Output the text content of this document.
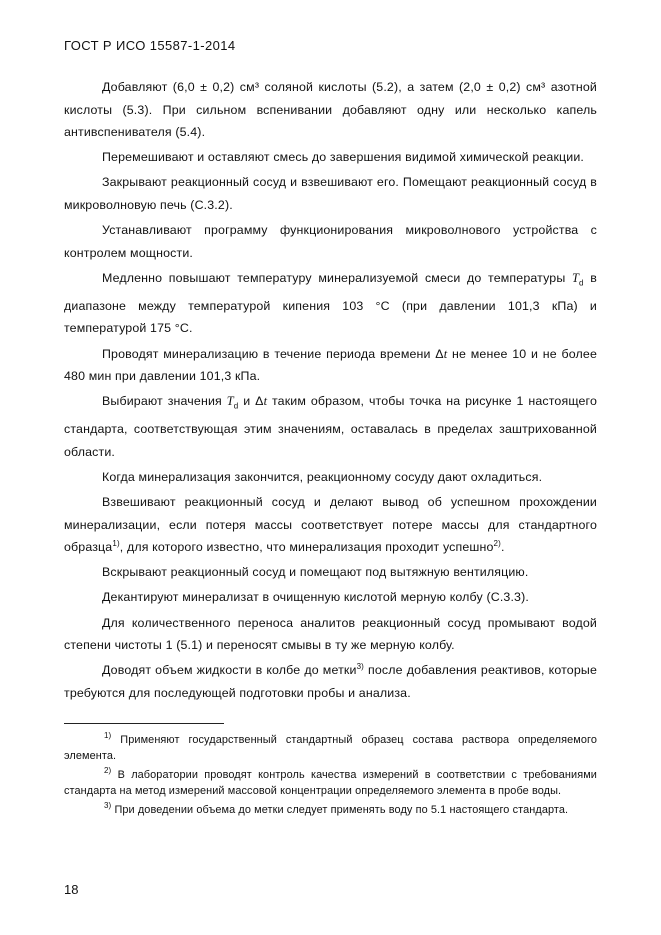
ГОСТ Р ИСО 15587-1-2014

Добавляют (6,0 ± 0,2) см³ соляной кислоты (5.2), а затем (2,0 ± 0,2) см³ азотной кислоты (5.3). При сильном вспенивании добавляют одну или несколько капель антивспенивателя (5.4).

Перемешивают и оставляют смесь до завершения видимой химической реакции.

Закрывают реакционный сосуд и взвешивают его. Помещают реакционный сосуд в микроволновую печь (С.3.2).

Устанавливают программу функционирования микроволнового устройства с контролем мощности.

Медленно повышают температуру минерализуемой смеси до температуры $T_d$ в диапазоне между температурой кипения 103 °C (при давлении 101,3 кПа) и температурой 175 °C.

Проводят минерализацию в течение периода времени Δt не менее 10 и не более 480 мин при давлении 101,3 кПа.

Выбирают значения $T_d$ и Δt таким образом, чтобы точка на рисунке 1 настоящего стандарта, соответствующая этим значениям, оставалась в пределах заштрихованной области.

Когда минерализация закончится, реакционному сосуду дают охладиться.

Взвешивают реакционный сосуд и делают вывод об успешном прохождении минерализации, если потеря массы соответствует потере массы для стандартного образца$^{1)}$, для которого известно, что минерализация проходит успешно$^{2)}$.

Вскрывают реакционный сосуд и помещают под вытяжную вентиляцию.

Декантируют минерализат в очищенную кислотой мерную колбу (С.3.3).

Для количественного переноса аналитов реакционный сосуд промывают водой степени чистоты 1 (5.1) и переносят смывы в ту же мерную колбу.

Доводят объем жидкости в колбе до метки$^{3)}$ после добавления реактивов, которые требуются для последующей подготовки пробы и анализа.

$^{1)}$ Применяют государственный стандартный образец состава раствора определяемого элемента.

$^{2)}$ В лаборатории проводят контроль качества измерений в соответствии с требованиями стандарта на метод измерений массовой концентрации определяемого элемента в пробе воды.

$^{3)}$ При доведении объема до метки следует применять воду по 5.1 настоящего стандарта.

18
